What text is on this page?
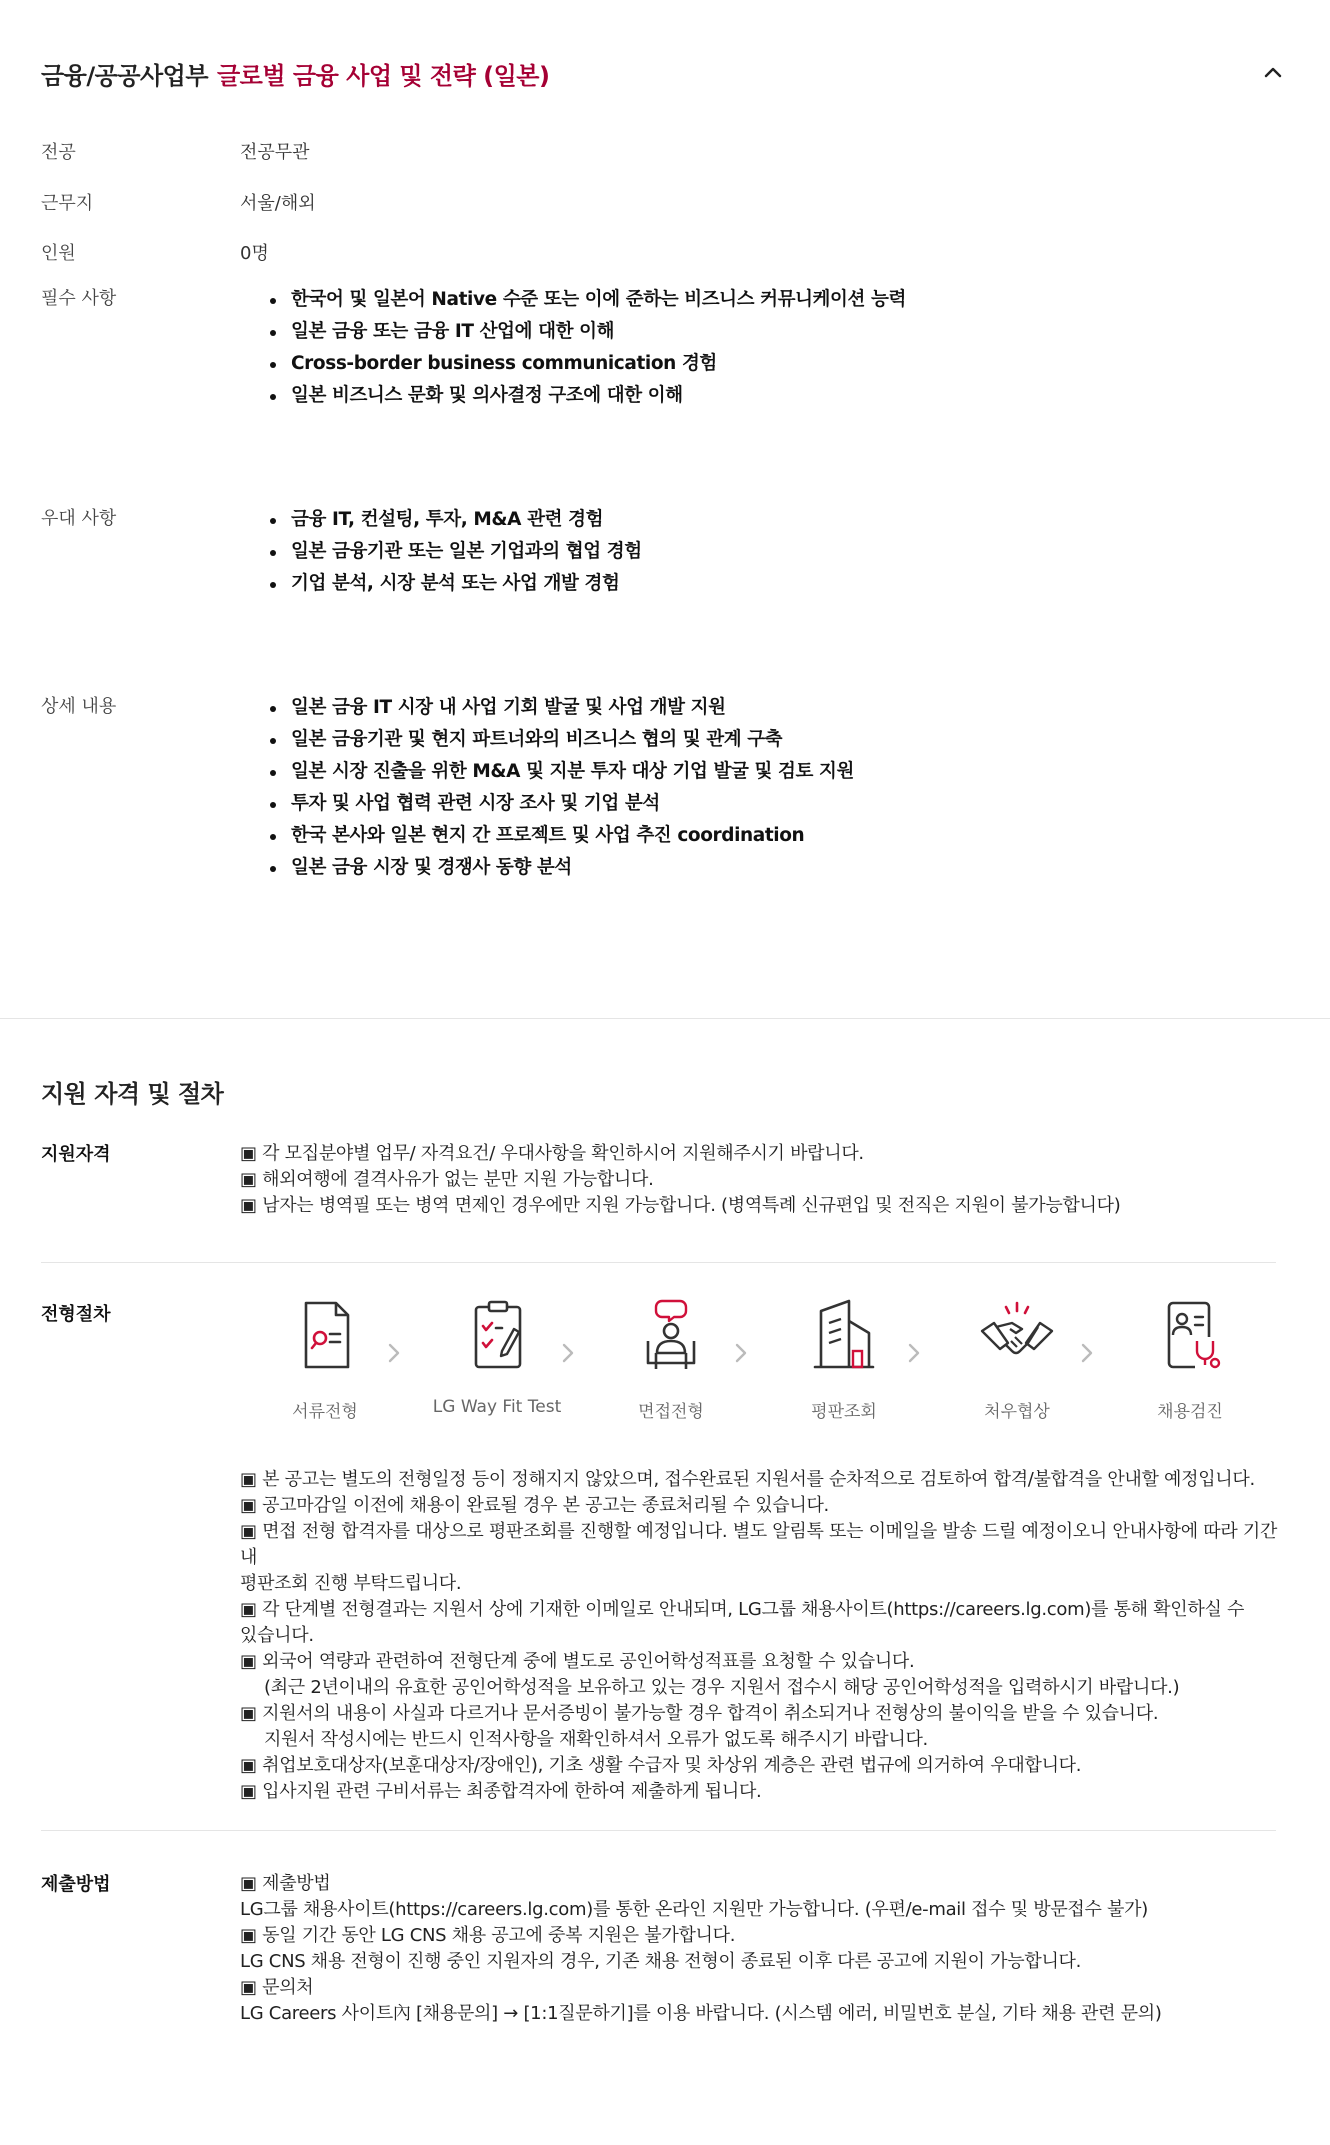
금융/공공사업부 글로벌 금융 사업 및 전략 (일본)
전공	전공무관
근무지	서울/해외
인원	0명
필수 사항	한국어 및 일본어 Native 수준 또는 이에 준하는 비즈니스 커뮤니케이션 능력
일본 금융 또는 금융 IT 산업에 대한 이해
Cross-border business communication 경험
일본 비즈니스 문화 및 의사결정 구조에 대한 이해
우대 사항	금융 IT, 컨설팅, 투자, M&A 관련 경험
일본 금융기관 또는 일본 기업과의 협업 경험
기업 분석, 시장 분석 또는 사업 개발 경험
상세 내용	일본 금융 IT 시장 내 사업 기회 발굴 및 사업 개발 지원
일본 금융기관 및 현지 파트너와의 비즈니스 협의 및 관계 구축
일본 시장 진출을 위한 M&A 및 지분 투자 대상 기업 발굴 및 검토 지원
투자 및 사업 협력 관련 시장 조사 및 기업 분석
한국 본사와 일본 현지 간 프로젝트 및 사업 추진 coordination
일본 금융 시장 및 경쟁사 동향 분석
지원 자격 및 절차
지원자격	▣ 각 모집분야별 업무/ 자격요건/ 우대사항을 확인하시어 지원해주시기 바랍니다.

▣ 해외여행에 결격사유가 없는 분만 지원 가능합니다.

▣ 남자는 병역필 또는 병역 면제인 경우에만 지원 가능합니다. (병역특례 신규편입 및 전직은 지원이 불가능합니다)

전형절차
서류전형	LG Way Fit Test	면접전형	평판조회	처우협상	채용검진

▣ 본 공고는 별도의 전형일정 등이 정해지지 않았으며, 접수완료된 지원서를 순차적으로 검토하여 합격/불합격을 안내할 예정입니다.

▣ 공고마감일 이전에 채용이 완료될 경우 본 공고는 종료처리될 수 있습니다.

▣ 면접 전형 합격자를 대상으로 평판조회를 진행할 예정입니다. 별도 알림톡 또는 이메일을 발송 드릴 예정이오니 안내사항에 따라 기간 내

평판조회 진행 부탁드립니다.

▣ 각 단계별 전형결과는 지원서 상에 기재한 이메일로 안내되며, LG그룹 채용사이트(https://careers.lg.com)를 통해 확인하실 수

있습니다.

▣ 외국어 역량과 관련하여 전형단계 중에 별도로 공인어학성적표를 요청할 수 있습니다.

(최근 2년이내의 유효한 공인어학성적을 보유하고 있는 경우 지원서 접수시 해당 공인어학성적을 입력하시기 바랍니다.)

▣ 지원서의 내용이 사실과 다르거나 문서증빙이 불가능할 경우 합격이 취소되거나 전형상의 불이익을 받을 수 있습니다.

지원서 작성시에는 반드시 인적사항을 재확인하셔서 오류가 없도록 해주시기 바랍니다.

▣ 취업보호대상자(보훈대상자/장애인), 기초 생활 수급자 및 차상위 계층은 관련 법규에 의거하여 우대합니다.

▣ 입사지원 관련 구비서류는 최종합격자에 한하여 제출하게 됩니다.

제출방법	▣ 제출방법

LG그룹 채용사이트(https://careers.lg.com)를 통한 온라인 지원만 가능합니다. (우편/e-mail 접수 및 방문접수 불가)

▣ 동일 기간 동안 LG CNS 채용 공고에 중복 지원은 불가합니다.

LG CNS 채용 전형이 진행 중인 지원자의 경우, 기존 채용 전형이 종료된 이후 다른 공고에 지원이 가능합니다.

▣ 문의처

LG Careers 사이트內 [채용문의] → [1:1질문하기]를 이용 바랍니다. (시스템 에러, 비밀번호 분실, 기타 채용 관련 문의)
